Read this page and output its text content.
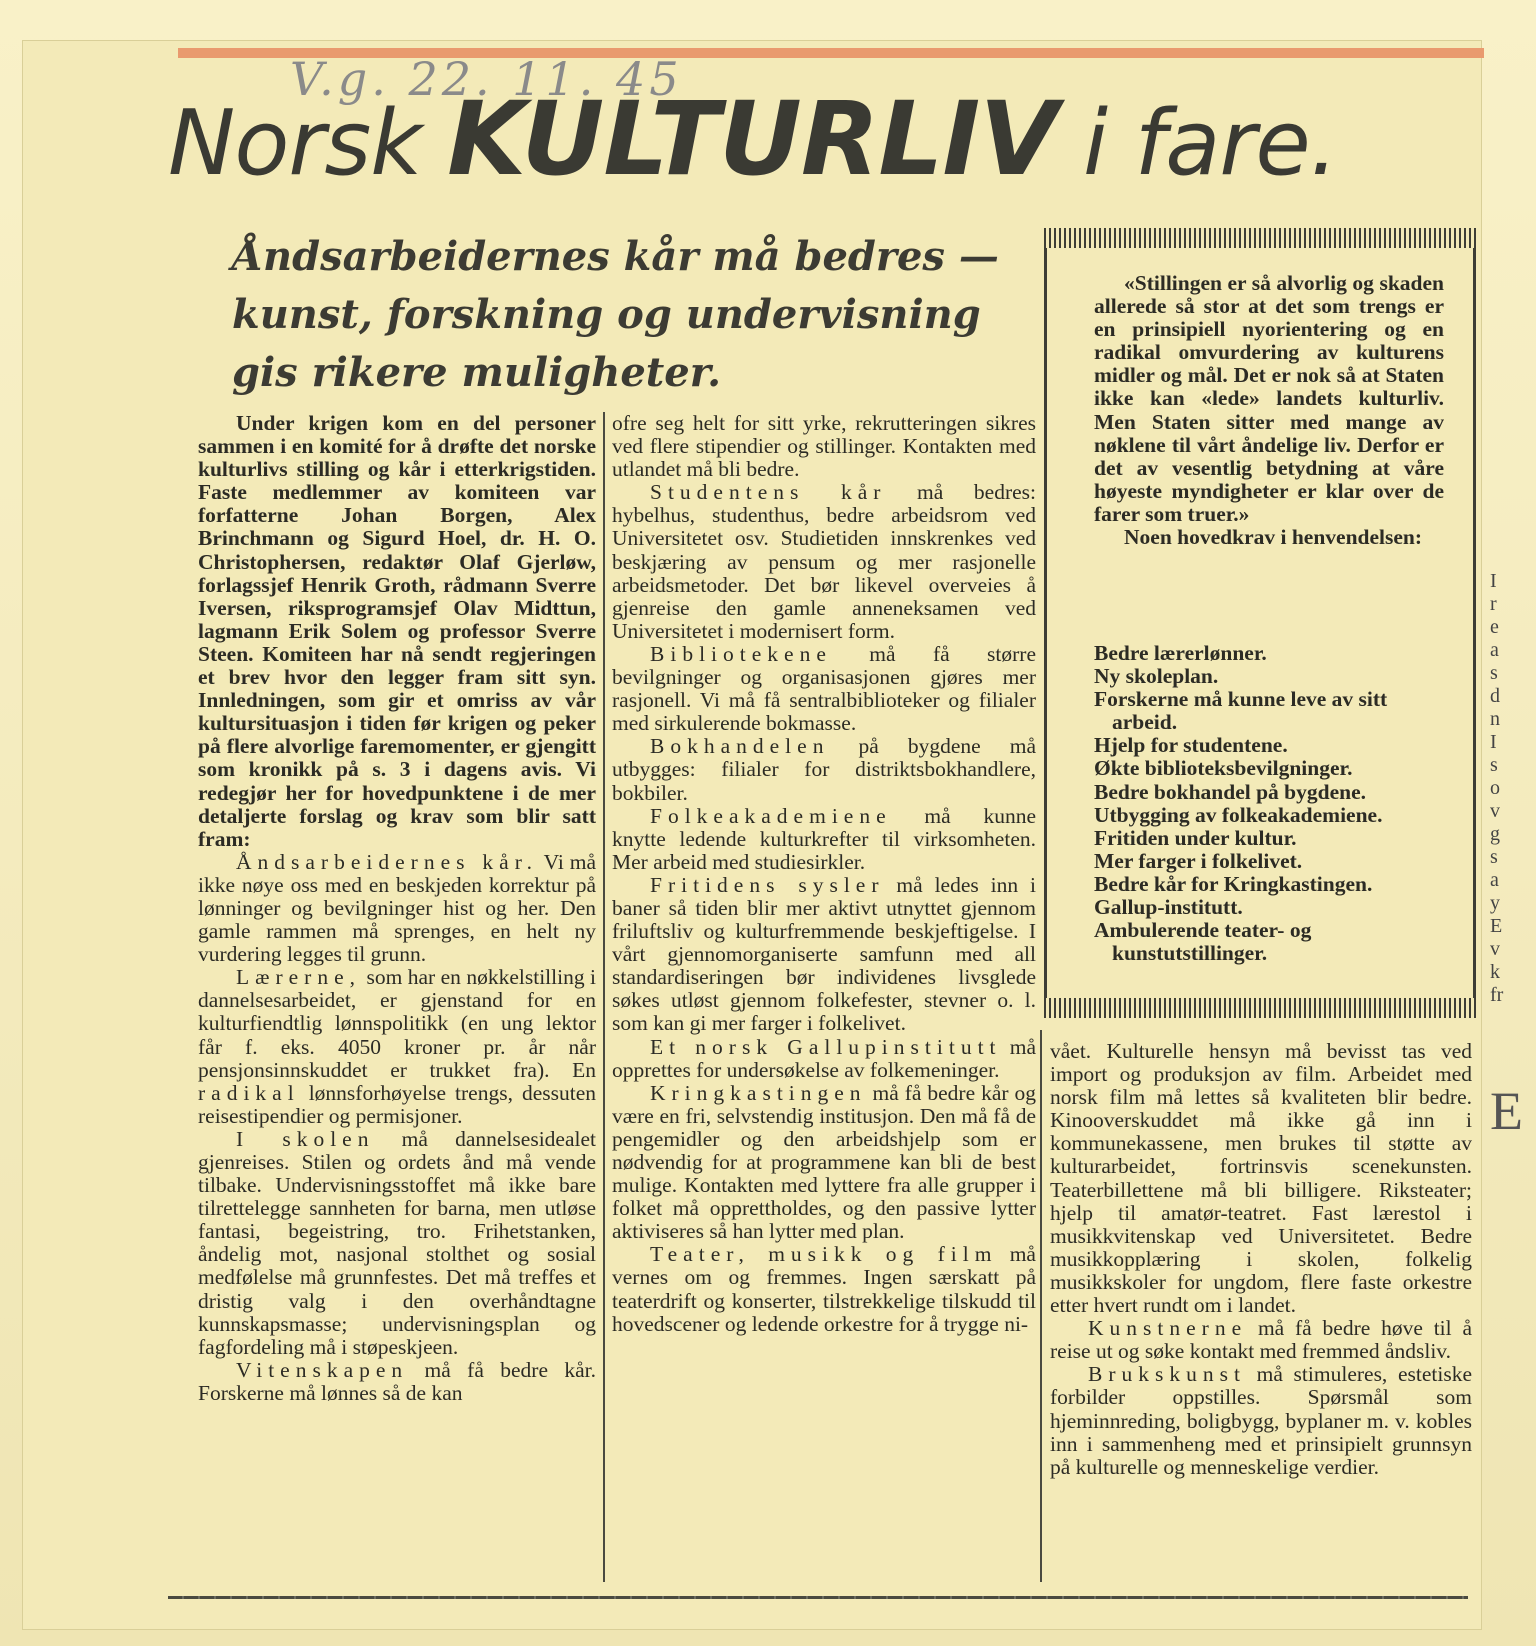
V.g. 22. 11. 45
Norsk KULTURLIV i fare.
Åndsarbeidernes kår må bedres —
kunst, forskning og undervisning
gis rikere muligheter.

Under krigen kom en del personer sammen i en komité for å drøfte det norske kulturlivs stilling og kår i etterkrigstiden. Faste medlemmer av komiteen var forfatterne Johan Borgen, Alex Brinchmann og Sigurd Hoel, dr. H. O. Christophersen, redaktør Olaf Gjerløw, forlagssjef Henrik Groth, rådmann Sverre Iversen, riksprogramsjef Olav Midttun, lagmann Erik Solem og professor Sverre Steen. Komiteen har nå sendt regjeringen et brev hvor den legger fram sitt syn. Innledningen, som gir et omriss av vår kultursituasjon i tiden før krigen og peker på flere alvorlige faremomenter, er gjengitt som kronikk på s. 3 i dagens avis. Vi redegjør her for hovedpunktene i de mer detaljerte forslag og krav som blir satt fram:

Åndsarbeidernes kår. Vi må ikke nøye oss med en beskjeden korrektur på lønninger og bevilgninger hist og her. Den gamle rammen må sprenges, en helt ny vurdering legges til grunn.

Lærerne, som har en nøkkelstilling i dannelsesarbeidet, er gjenstand for en kulturfiendtlig lønnspolitikk (en ung lektor får f. eks. 4050 kroner pr. år når pensjonsinnskuddet er trukket fra). En radikal lønnsforhøyelse trengs, dessuten reisestipendier og permisjoner.

I skolen må dannelsesidealet gjenreises. Stilen og ordets ånd må vende tilbake. Undervisningsstoffet må ikke bare tilrettelegge sannheten for barna, men utløse fantasi, begeistring, tro. Frihetstanken, åndelig mot, nasjonal stolthet og sosial medfølelse må grunnfestes. Det må treffes et dristig valg i den overhåndtagne kunnskapsmasse; undervisningsplan og fagfordeling må i støpeskjeen.

Vitenskapen må få bedre kår. Forskerne må lønnes så de kan

ofre seg helt for sitt yrke, rekrutteringen sikres ved flere stipendier og stillinger. Kontakten med utlandet må bli bedre.

Studentens kår må bedres: hybelhus, studenthus, bedre arbeidsrom ved Universitetet osv. Studietiden innskrenkes ved beskjæring av pensum og mer rasjonelle arbeidsmetoder. Det bør likevel overveies å gjenreise den gamle anneneksamen ved Universitetet i modernisert form.

Bibliotekene må få større bevilgninger og organisasjonen gjøres mer rasjonell. Vi må få sentralbiblioteker og filialer med sirkulerende bokmasse.

Bokhandelen på bygdene må utbygges: filialer for distriktsbokhandlere, bokbiler.

Folkeakademiene må kunne knytte ledende kulturkrefter til virksomheten. Mer arbeid med studiesirkler.

Fritidens sysler må ledes inn i baner så tiden blir mer aktivt utnyttet gjennom friluftsliv og kulturfremmende beskjeftigelse. I vårt gjennomorganiserte samfunn med all standardiseringen bør individenes livsglede søkes utløst gjennom folkefester, stevner o. l. som kan gi mer farger i folkelivet.

Et norsk Gallupinstitutt må opprettes for undersøkelse av folkemeninger.

Kringkastingen må få bedre kår og være en fri, selvstendig institusjon. Den må få de pengemidler og den arbeidshjelp som er nødvendig for at programmene kan bli de best mulige. Kontakten med lyttere fra alle grupper i folket må opprettholdes, og den passive lytter aktiviseres så han lytter med plan.

Teater, musikk og film må vernes om og fremmes. Ingen særskatt på teaterdrift og konserter, tilstrekkelige tilskudd til hovedscener og ledende orkestre for å trygge ni-

«Stillingen er så alvorlig og skaden allerede så stor at det som trengs er en prinsipiell nyorientering og en radikal omvurdering av kulturens midler og mål. Det er nok så at Staten ikke kan «lede» landets kulturliv. Men Staten sitter med mange av nøklene til vårt åndelige liv. Derfor er det av vesentlig betydning at våre høyeste myndigheter er klar over de farer som truer.»

Noen hovedkrav i henvendelsen:

Bedre lærerlønner.
Ny skoleplan.
Forskerne må kunne leve av sitt arbeid.
Hjelp for studentene.
Økte biblioteksbevilgninger.
Bedre bokhandel på bygdene.
Utbygging av folkeakademiene.
Fritiden under kultur.
Mer farger i folkelivet.
Bedre kår for Kringkastingen.
Gallup-institutt.
Ambulerende teater- og kunstutstillinger.

vået. Kulturelle hensyn må bevisst tas ved import og produksjon av film. Arbeidet med norsk film må lettes så kvaliteten blir bedre. Kinooverskuddet må ikke gå inn i kommunekassene, men brukes til støtte av kulturarbeidet, fortrinsvis scenekunsten. Teaterbillettene må bli billigere. Riksteater; hjelp til amatør-teatret. Fast lærestol i musikkvitenskap ved Universitetet. Bedre musikkopplæring i skolen, folkelig musikkskoler for ungdom, flere faste orkestre etter hvert rundt om i landet.

Kunstnerne må få bedre høve til å reise ut og søke kontakt med fremmed åndsliv.

Brukskunst må stimuleres, estetiske forbilder oppstilles. Spørsmål som hjeminnreding, boligbygg, byplaner m. v. kobles inn i sammenheng med et prinsipielt grunnsyn på kulturelle og menneskelige verdier.

I
r
e
a
s
d
n
I
s
o
v
g
s
a
y
E
v
k
fr
E
